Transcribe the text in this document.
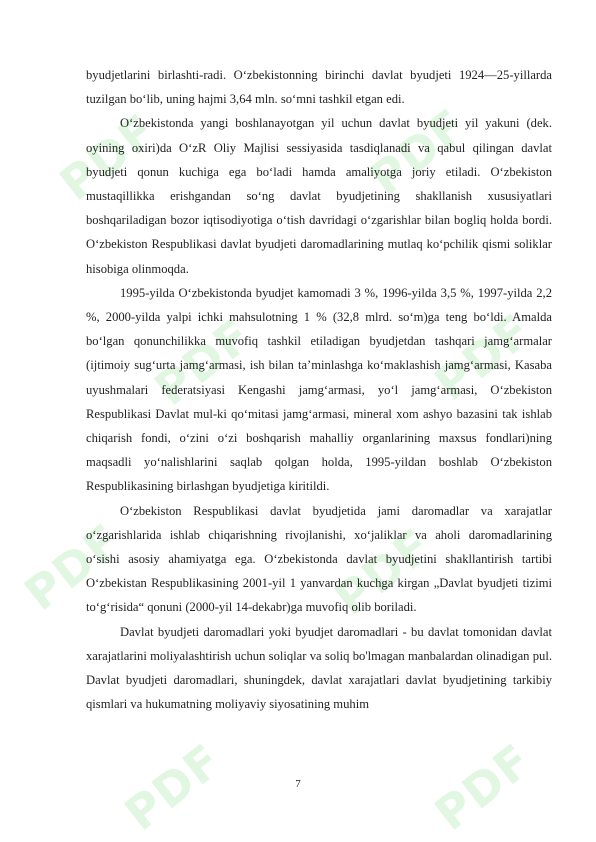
PDF	PDF
PDF	PDF
PDF	PDF
PDF	PDF

byudjetlarini birlashti-radi. O‘zbekistonning birinchi davlat byudjeti 1924—25-yillarda tuzilgan bo‘lib, uning hajmi 3,64 mln. so‘mni tashkil etgan edi.

O‘zbekistonda yangi boshlanayotgan yil uchun davlat byudjeti yil yakuni (dek. oyining oxiri)da O‘zR Oliy Majlisi sessiyasida tasdiqlanadi va qabul qilingan davlat byudjeti qonun kuchiga ega bo‘ladi hamda amaliyotga joriy etiladi. O‘zbekiston mustaqillikka erishgandan so‘ng davlat byudjetining shakllanish xususiyatlari boshqariladigan bozor iqtisodiyotiga o‘tish davridagi o‘zgarishlar bilan bogliq holda bordi. O‘zbekiston Respublikasi davlat byudjeti daromadlarining mutlaq ko‘pchilik qismi soliklar hisobiga olinmoqda.

1995-yilda O‘zbekistonda byudjet kamomadi 3 %, 1996-yilda 3,5 %, 1997-yilda 2,2 %, 2000-yilda yalpi ichki mahsulotning 1 % (32,8 mlrd. so‘m)ga teng bo‘ldi. Amalda bo‘lgan qonunchilikka muvofiq tashkil etiladigan byudjetdan tashqari jamg‘armalar (ijtimoiy sug‘urta jamg‘armasi, ish bilan ta’minlashga ko‘maklashish jamg‘armasi, Kasaba uyushmalari federatsiyasi Kengashi jamg‘armasi, yo‘l jamg‘armasi, O‘zbekiston Respublikasi Davlat mul-ki qo‘mitasi jamg‘armasi, mineral xom ashyo bazasini tak ishlab chiqarish fondi, o‘zini o‘zi boshqarish mahalliy organlarining maxsus fondlari)ning maqsadli yo‘nalishlarini saqlab qolgan holda, 1995-yildan boshlab O‘zbekiston Respublikasining birlashgan byudjetiga kiritildi.

O‘zbekiston Respublikasi davlat byudjetida jami daromadlar va xarajatlar o‘zgarishlarida ishlab chiqarishning rivojlanishi, xo‘jaliklar va aholi daromadlarining o‘sishi asosiy ahamiyatga ega. O‘zbekistonda davlat byudjetini shakllantirish tartibi O‘zbekistan Respublikasining 2001-yil 1 yanvardan kuchga kirgan „Davlat byudjeti tizimi to‘g‘risida“ qonuni (2000-yil 14-dekabr)ga muvofiq olib boriladi.

Davlat byudjeti daromadlari yoki byudjet daromadlari - bu davlat tomonidan davlat xarajatlarini moliyalashtirish uchun soliqlar va soliq bo'lmagan manbalardan olinadigan pul. Davlat byudjeti daromadlari, shuningdek, davlat xarajatlari davlat byudjetining tarkibiy qismlari va hukumatning moliyaviy siyosatining muhim

7
